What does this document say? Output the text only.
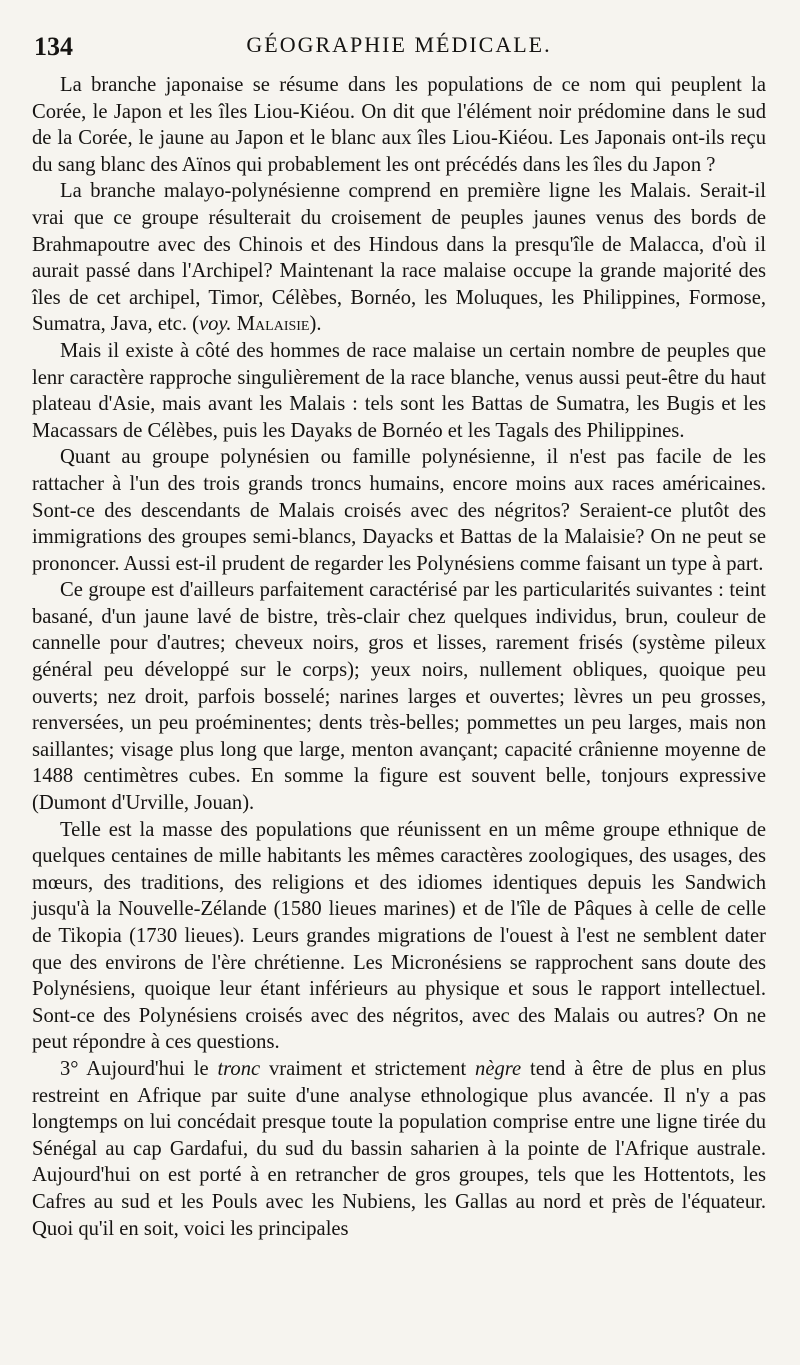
134	GÉOGRAPHIE MÉDICALE.

La branche japonaise se résume dans les populations de ce nom qui peuplent la Corée, le Japon et les îles Liou-Kiéou. On dit que l'élément noir prédomine dans le sud de la Corée, le jaune au Japon et le blanc aux îles Liou-Kiéou. Les Japonais ont-ils reçu du sang blanc des Aïnos qui probablement les ont précédés dans les îles du Japon ?

La branche malayo-polynésienne comprend en première ligne les Malais. Serait-il vrai que ce groupe résulterait du croisement de peuples jaunes venus des bords de Brahmapoutre avec des Chinois et des Hindous dans la presqu'île de Malacca, d'où il aurait passé dans l'Archipel? Maintenant la race malaise occupe la grande majorité des îles de cet archipel, Timor, Célèbes, Bornéo, les Moluques, les Philippines, Formose, Sumatra, Java, etc. (voy. Malaisie).

Mais il existe à côté des hommes de race malaise un certain nombre de peuples que lenr caractère rapproche singulièrement de la race blanche, venus aussi peut-être du haut plateau d'Asie, mais avant les Malais : tels sont les Battas de Sumatra, les Bugis et les Macassars de Célèbes, puis les Dayaks de Bornéo et les Tagals des Philippines.

Quant au groupe polynésien ou famille polynésienne, il n'est pas facile de les rattacher à l'un des trois grands troncs humains, encore moins aux races américaines. Sont-ce des descendants de Malais croisés avec des négritos? Seraient-ce plutôt des immigrations des groupes semi-blancs, Dayacks et Battas de la Malaisie? On ne peut se prononcer. Aussi est-il prudent de regarder les Polynésiens comme faisant un type à part.

Ce groupe est d'ailleurs parfaitement caractérisé par les particularités suivantes : teint basané, d'un jaune lavé de bistre, très-clair chez quelques individus, brun, couleur de cannelle pour d'autres; cheveux noirs, gros et lisses, rarement frisés (système pileux général peu développé sur le corps); yeux noirs, nullement obliques, quoique peu ouverts; nez droit, parfois bosselé; narines larges et ouvertes; lèvres un peu grosses, renversées, un peu proéminentes; dents très-belles; pommettes un peu larges, mais non saillantes; visage plus long que large, menton avançant; capacité crânienne moyenne de 1488 centimètres cubes. En somme la figure est souvent belle, tonjours expressive (Dumont d'Urville, Jouan).

Telle est la masse des populations que réunissent en un même groupe ethnique de quelques centaines de mille habitants les mêmes caractères zoologiques, des usages, des mœurs, des traditions, des religions et des idiomes identiques depuis les Sandwich jusqu'à la Nouvelle-Zélande (1580 lieues marines) et de l'île de Pâques à celle de celle de Tikopia (1730 lieues). Leurs grandes migrations de l'ouest à l'est ne semblent dater que des environs de l'ère chrétienne. Les Micronésiens se rapprochent sans doute des Polynésiens, quoique leur étant inférieurs au physique et sous le rapport intellectuel. Sont-ce des Polynésiens croisés avec des négritos, avec des Malais ou autres? On ne peut répondre à ces questions.

3° Aujourd'hui le tronc vraiment et strictement nègre tend à être de plus en plus restreint en Afrique par suite d'une analyse ethnologique plus avancée. Il n'y a pas longtemps on lui concédait presque toute la population comprise entre une ligne tirée du Sénégal au cap Gardafui, du sud du bassin saharien à la pointe de l'Afrique australe. Aujourd'hui on est porté à en retrancher de gros groupes, tels que les Hottentots, les Cafres au sud et les Pouls avec les Nubiens, les Gallas au nord et près de l'équateur. Quoi qu'il en soit, voici les principales
